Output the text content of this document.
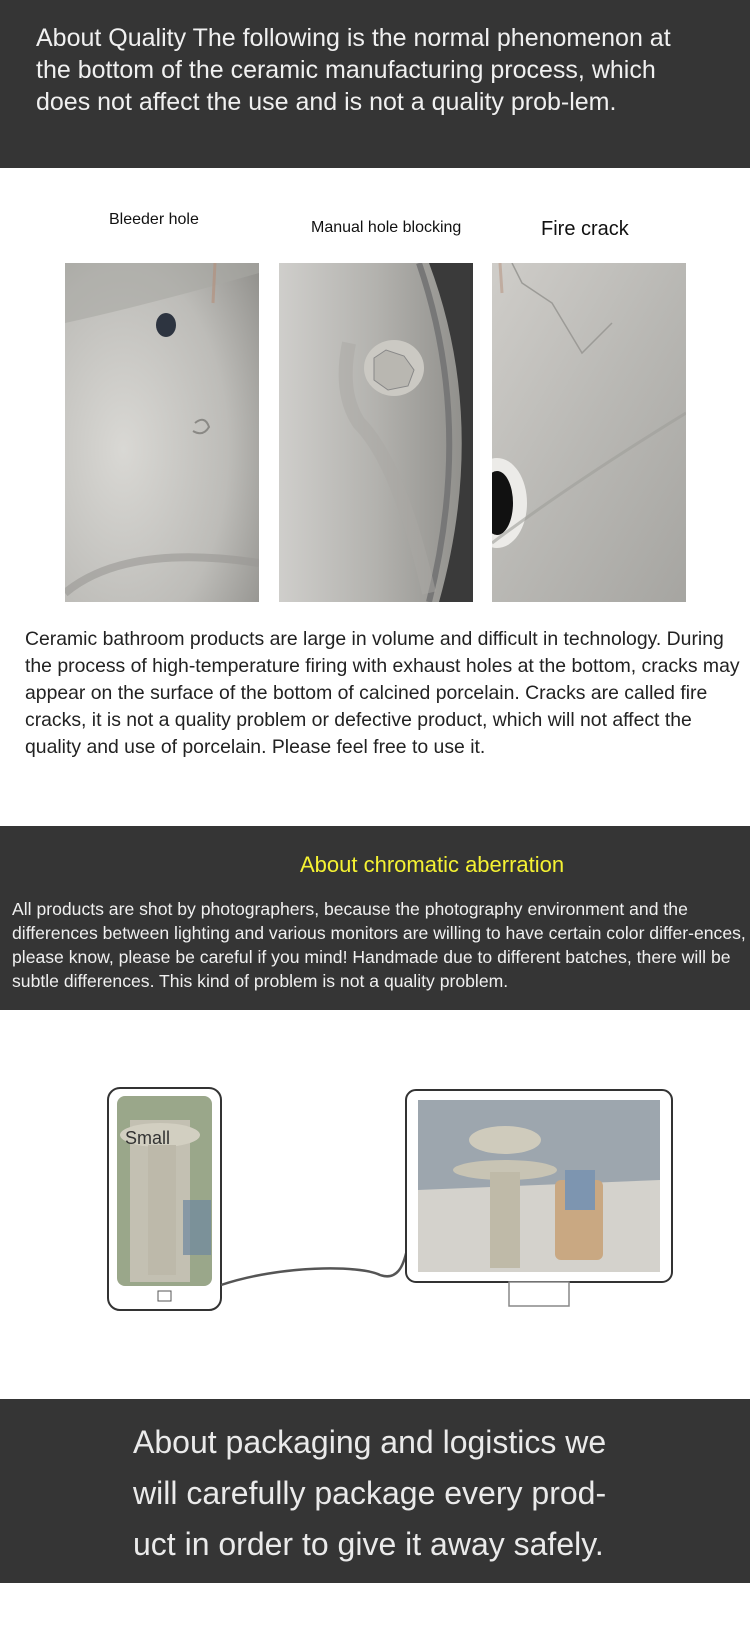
About Quality The following is the normal phenomenon at the bottom of the ceramic manufacturing process, which does not affect the use and is not a quality prob-lem.
Bleeder hole	Manual hole blocking	Fire crack

Ceramic bathroom products are large in volume and difficult in technology. During the process of high-temperature firing with exhaust holes at the bottom, cracks may appear on the surface of the bottom of calcined porcelain. Cracks are called fire cracks, it is not a quality problem or defective product, which will not affect the quality and use of porcelain. Please feel free to use it.

About chromatic aberration

All products are shot by photographers, because the photography environment and the differences between lighting and various monitors are willing to have certain color differ-ences, please know, please be careful if you mind! Handmade due to different batches, there will be subtle differences. This kind of problem is not a quality problem.

Small
About packaging and logistics we will carefully package every prod-uct in order to give it away safely.
